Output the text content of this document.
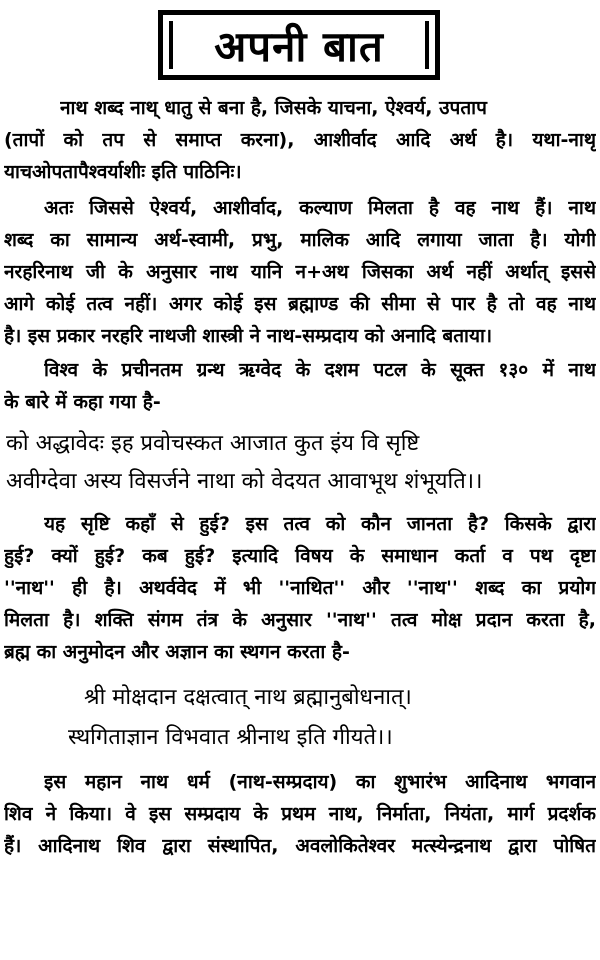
अपनी बात
नाथ शब्द नाथ् धातु से बना है, जिसके याचना, ऐश्वर्य, उपताप
(तापों को तप से समाप्त करना), आशीर्वाद आदि अर्थ है। यथा-नाथृ
याचओपतापैश्वर्याशीः इति पाठिनिः।
अतः जिससे ऐश्वर्य, आशीर्वाद, कल्याण मिलता है वह नाथ हैं। नाथ
शब्द का सामान्य अर्थ-स्वामी, प्रभु, मालिक आदि लगाया जाता है। योगी
नरहरिनाथ जी के अनुसार नाथ यानि न+अथ जिसका अर्थ नहीं अर्थात् इससे
आगे कोई तत्व नहीं। अगर कोई इस ब्रह्माण्ड की सीमा से पार है तो वह नाथ
है। इस प्रकार नरहरि नाथजी शास्त्री ने नाथ-सम्प्रदाय को अनादि बताया।
विश्व के प्रचीनतम ग्रन्थ ऋग्वेद के दशम पटल के सूक्त १३० में नाथ
के बारे में कहा गया है-
को अद्धावेदः इह प्रवोचस्कत आजात कुत इंय वि सृष्टि
अवीग्देवा अस्य विसर्जने नाथा को वेदयत आवाभूथ शंभूयति।।
यह सृष्टि कहाँ से हुई? इस तत्व को कौन जानता है? किसके द्वारा
हुई? क्यों हुई? कब हुई? इत्यादि विषय के समाधान कर्ता व पथ दृष्टा
''नाथ'' ही है। अथर्ववेद में भी ''नाथित'' और ''नाथ'' शब्द का प्रयोग
मिलता है। शक्ति संगम तंत्र के अनुसार ''नाथ'' तत्व मोक्ष प्रदान करता है,
ब्रह्म का अनुमोदन और अज्ञान का स्थगन करता है-
श्री मोक्षदान दक्षत्वात् नाथ ब्रह्मानुबोधनात्।
स्थगिताज्ञान विभवात श्रीनाथ इति गीयते।।
इस महान नाथ धर्म (नाथ-सम्प्रदाय) का शुभारंभ आदिनाथ भगवान
शिव ने किया। वे इस सम्प्रदाय के प्रथम नाथ, निर्माता, नियंता, मार्ग प्रदर्शक
हैं। आदिनाथ शिव द्वारा संस्थापित, अवलोकितेश्वर मत्स्येन्द्रनाथ द्वारा पोषित
